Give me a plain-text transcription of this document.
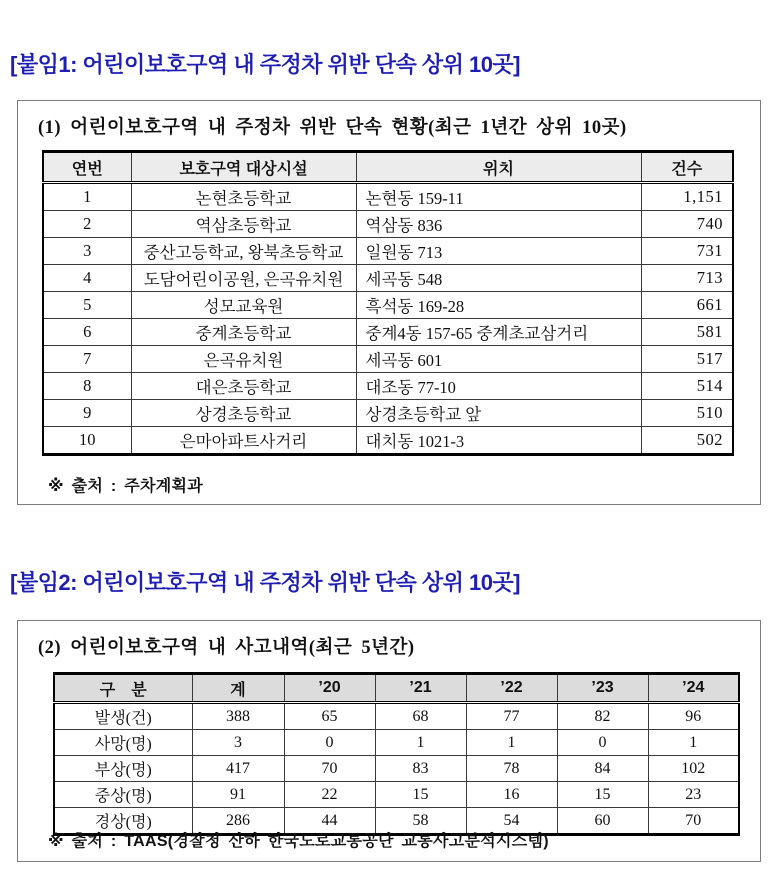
[붙임1: 어린이보호구역 내 주정차 위반 단속 상위 10곳]
(1) 어린이보호구역 내 주정차 위반 단속 현황(최근 1년간 상위 10곳)
연번	보호구역 대상시설	위치	건수
1	논현초등학교	논현동 159-11	1,151
2	역삼초등학교	역삼동 836	740
3	중산고등학교, 왕북초등학교	일원동 713	731
4	도담어린이공원, 은곡유치원	세곡동 548	713
5	성모교육원	흑석동 169-28	661
6	중계초등학교	중계4동 157-65 중계초교삼거리	581
7	은곡유치원	세곡동 601	517
8	대은초등학교	대조동 77-10	514
9	상경초등학교	상경초등학교 앞	510
10	은마아파트사거리	대치동 1021-3	502
※ 출처 : 주차계획과
[붙임2: 어린이보호구역 내 주정차 위반 단속 상위 10곳]
(2) 어린이보호구역 내 사고내역(최근 5년간)
구　분	계	’20	’21	’22	’23	’24
발생(건)	388	65	68	77	82	96
사망(명)	3	0	1	1	0	1
부상(명)	417	70	83	78	84	102
중상(명)	91	22	15	16	15	23
경상(명)	286	44	58	54	60	70
※ 출처 : TAAS(경찰청 산하 한국도로교통공단 교통사고분석시스템)
